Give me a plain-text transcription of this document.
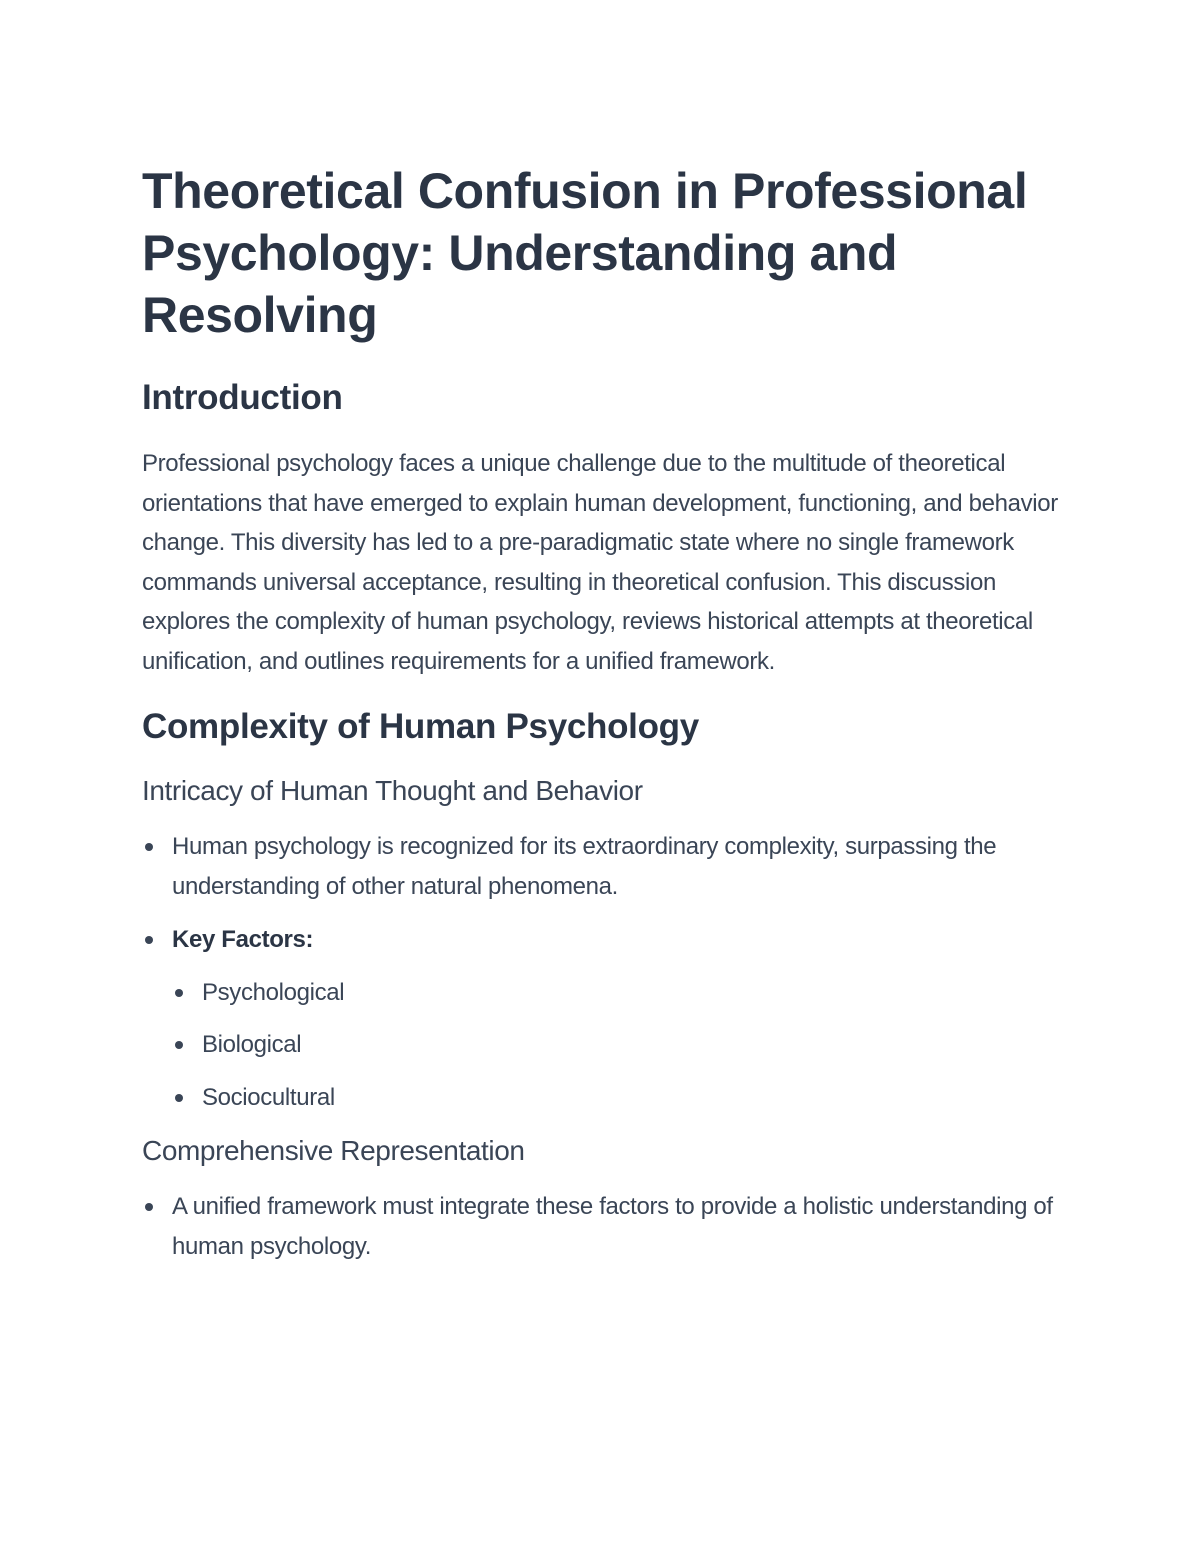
Theoretical Confusion in Professional Psychology: Understanding and Resolving
Introduction

Professional psychology faces a unique challenge due to the multitude of theoretical orientations that have emerged to explain human development, functioning, and behavior change. This diversity has led to a pre-paradigmatic state where no single framework commands universal acceptance, resulting in theoretical confusion. This discussion explores the complexity of human psychology, reviews historical attempts at theoretical unification, and outlines requirements for a unified framework.

Complexity of Human Psychology
Intricacy of Human Thought and Behavior
Human psychology is recognized for its extraordinary complexity, surpassing the understanding of other natural phenomena.
Key Factors:
Psychological
Biological
Sociocultural
Comprehensive Representation
A unified framework must integrate these factors to provide a holistic understanding of human psychology.
